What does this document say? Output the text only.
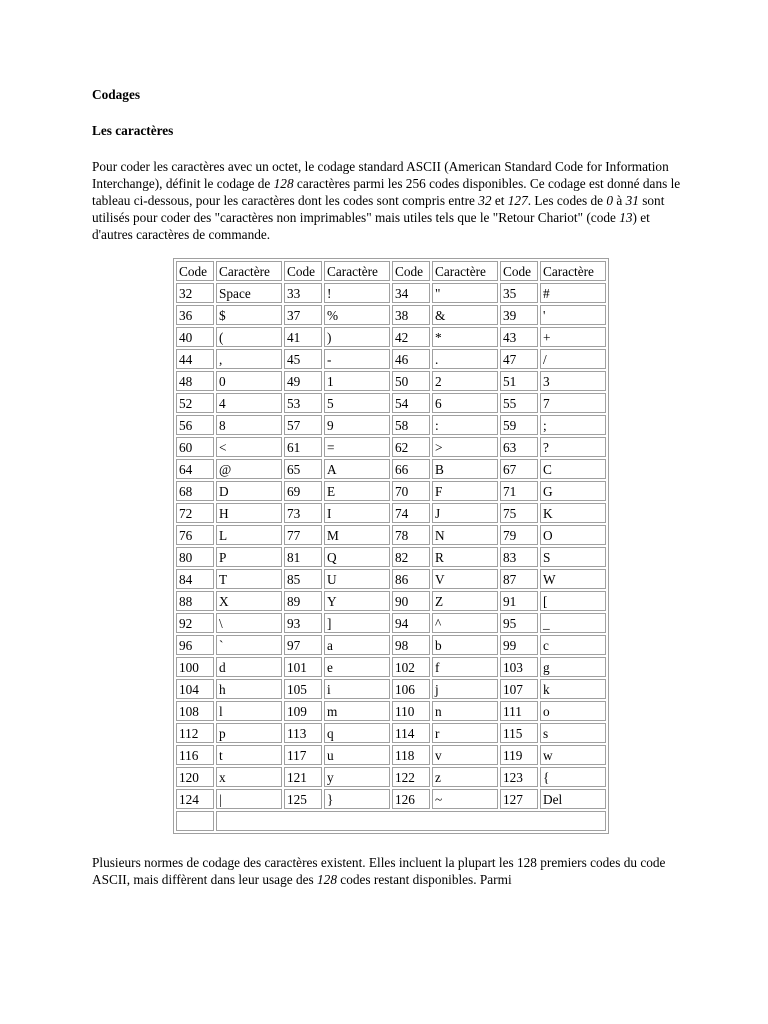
Codages
Les caractères

Pour coder les caractères avec un octet, le codage standard ASCII (American Standard Code for Information Interchange), définit le codage de 128 caractères parmi les 256 codes disponibles. Ce codage est donné dans le tableau ci-dessous, pour les caractères dont les codes sont compris entre 32 et 127. Les codes de 0 à 31 sont utilisés pour coder des "caractères non imprimables" mais utiles tels que le "Retour Chariot" (code 13) et d'autres caractères de commande.

Code	Caractère	Code	Caractère	Code	Caractère	Code	Caractère
32	Space	33	!	34	"	35	#
36	$	37	%	38	&	39	'
40	(	41	)	42	*	43	+
44	,	45	-	46	.	47	/
48	0	49	1	50	2	51	3
52	4	53	5	54	6	55	7
56	8	57	9	58	:	59	;
60	<	61	=	62	>	63	?
64	@	65	A	66	B	67	C
68	D	69	E	70	F	71	G
72	H	73	I	74	J	75	K
76	L	77	M	78	N	79	O
80	P	81	Q	82	R	83	S
84	T	85	U	86	V	87	W
88	X	89	Y	90	Z	91	[
92	\	93	]	94	^	95	_
96	`	97	a	98	b	99	c
100	d	101	e	102	f	103	g
104	h	105	i	106	j	107	k
108	l	109	m	110	n	111	o
112	p	113	q	114	r	115	s
116	t	117	u	118	v	119	w
120	x	121	y	122	z	123	{
124	|	125	}	126	~	127	Del

Plusieurs normes de codage des caractères existent. Elles incluent la plupart les 128 premiers codes du code ASCII, mais diffèrent dans leur usage des 128 codes restant disponibles. Parmi
